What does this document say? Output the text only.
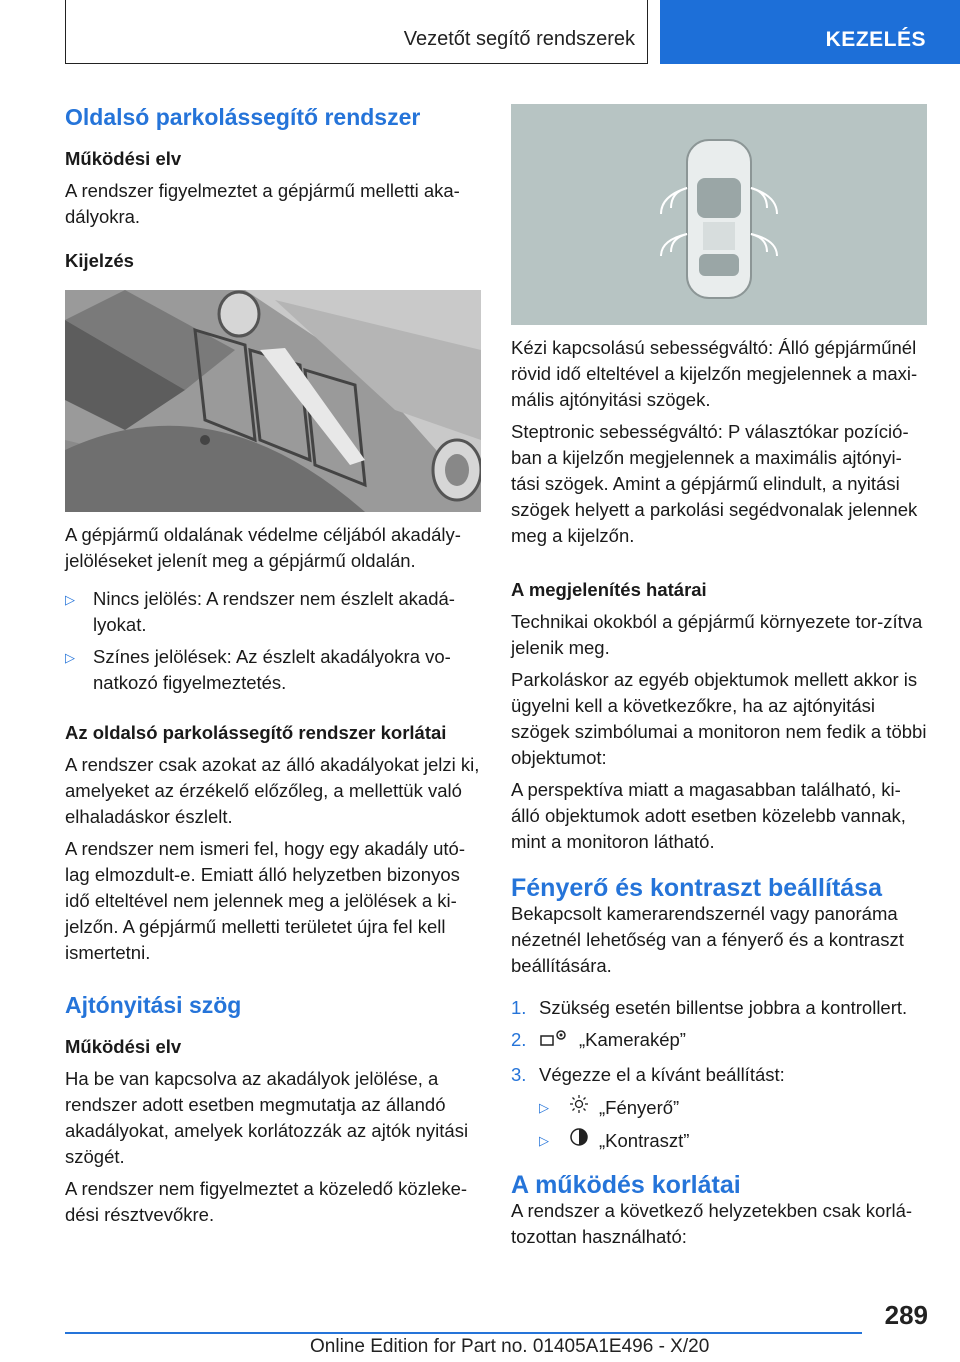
Vezetőt segítő rendszerek	KEZELÉS
Oldalsó parkolássegítő rendszer

Működési elv

A rendszer figyelmeztet a gépjármű melletti aka-dályokra.

Kijelzés

A gépjármű oldalának védelme céljából akadály-jelöléseket jelenít meg a gépjármű oldalán.

▷ Nincs jelölés: A rendszer nem észlelt akadá-lyokat.
▷ Színes jelölések: Az észlelt akadályokra vo-natkozó figyelmeztetés.

Az oldalsó parkolássegítő rendszer korlátai

A rendszer csak azokat az álló akadályokat jelzi ki, amelyeket az érzékelő előzőleg, a mellettük való elhaladáskor észlelt.

A rendszer nem ismeri fel, hogy egy akadály utó-lag elmozdult-e. Emiatt álló helyzetben bizonyos idő elteltével nem jelennek meg a jelölések a ki-jelzőn. A gépjármű melletti területet újra fel kell ismertetni.

Ajtónyitási szög

Működési elv

Ha be van kapcsolva az akadályok jelölése, a rendszer adott esetben megmutatja az állandó akadályokat, amelyek korlátozzák az ajtók nyitási szögét.

A rendszer nem figyelmeztet a közeledő közleke-dési résztvevőkre.

Kézi kapcsolású sebességváltó: Álló gépjárműnél rövid idő elteltével a kijelzőn megjelennek a maxi-mális ajtónyitási szögek.

Steptronic sebességváltó: P választókar pozíció-ban a kijelzőn megjelennek a maximális ajtónyi-tási szögek. Amint a gépjármű elindult, a nyitási szögek helyett a parkolási segédvonalak jelennek meg a kijelzőn.

A megjelenítés határai

Technikai okokból a gépjármű környezete tor-zítva jelenik meg.

Parkoláskor az egyéb objektumok mellett akkor is ügyelni kell a következőkre, ha az ajtónyitási szögek szimbólumai a monitoron nem fedik a többi objektumot:

A perspektíva miatt a magasabban található, ki-álló objektumok adott esetben közelebb vannak, mint a monitoron látható.

Fényerő és kontraszt beállítása

Bekapcsolt kamerarendszernél vagy panoráma nézetnél lehetőség van a fényerő és a kontraszt beállítására.

1. Szükség esetén billentse jobbra a kontrollert.
2.	„Kamerakép”
3. Végezze el a kívánt beállítást:
▷	„Fényerő”
▷	„Kontraszt”
A működés korlátai

A rendszer a következő helyzetekben csak korlá-tozottan használható:

289
Online Edition for Part no. 01405A1E496 - X/20
